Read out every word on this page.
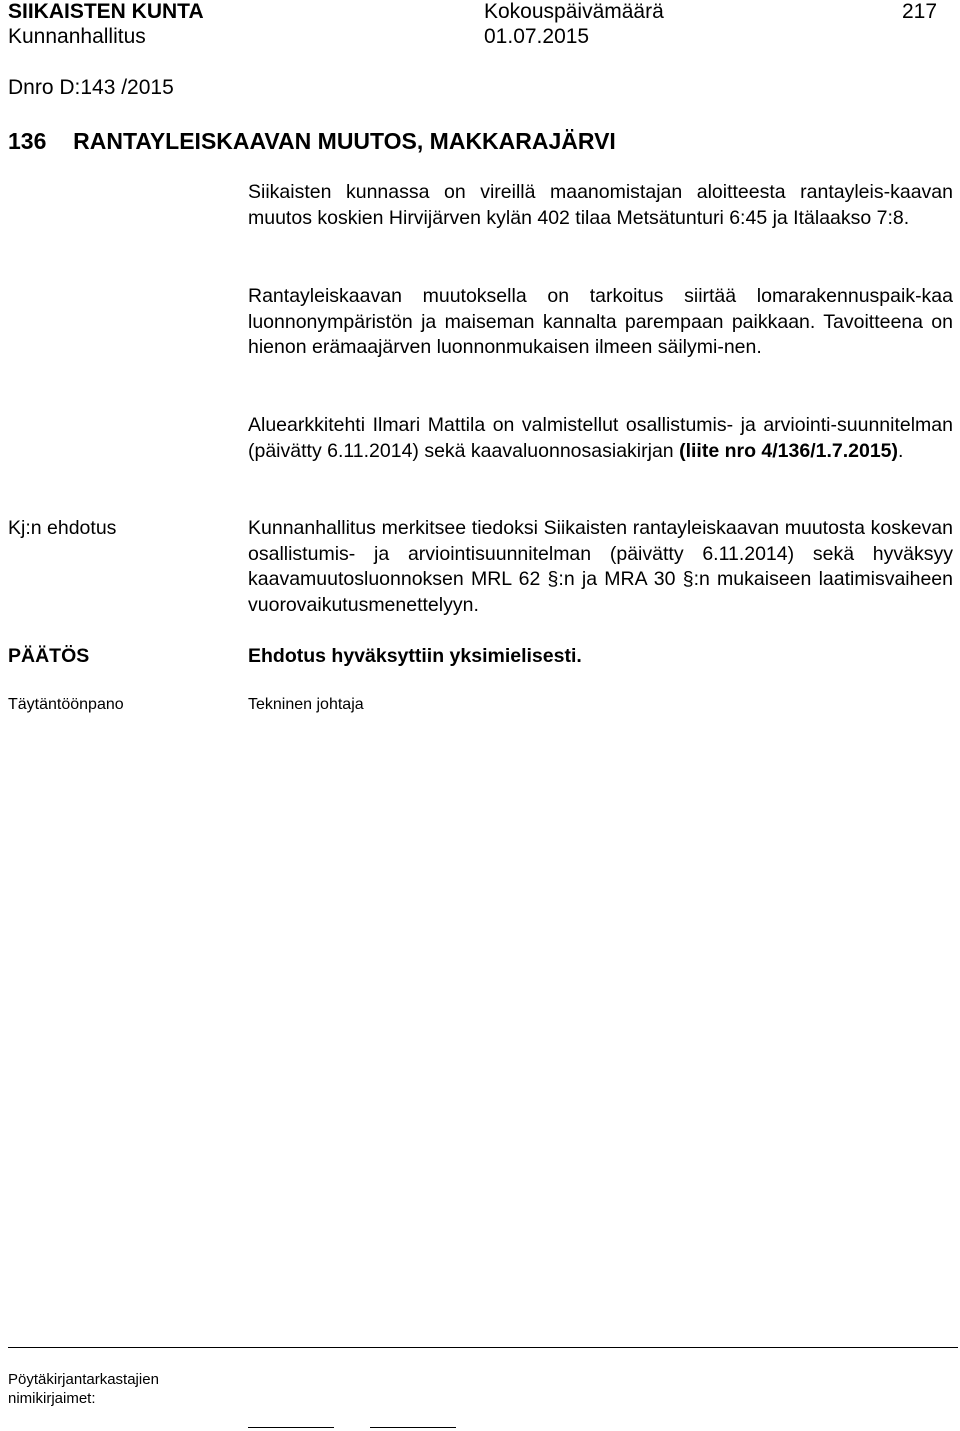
SIIKAISTEN KUNTA
Kunnanhallitus
Kokouspäivämäärä
01.07.2015
217
Dnro D:143 /2015
136 RANTAYLEISKAAVAN MUUTOS, MAKKARAJÄRVI

Siikaisten kunnassa on vireillä maanomistajan aloitteesta rantayleis-kaavan muutos koskien Hirvijärven kylän 402 tilaa Metsätunturi 6:45 ja Itälaakso 7:8.

Rantayleiskaavan muutoksella on tarkoitus siirtää lomarakennuspaik-kaa luonnonympäristön ja maiseman kannalta parempaan paikkaan. Tavoitteena on hienon erämaajärven luonnonmukaisen ilmeen säilymi-nen.

Aluearkkitehti Ilmari Mattila on valmistellut osallistumis- ja arviointi-suunnitelman (päivätty 6.11.2014) sekä kaavaluonnosasiakirjan (liite nro 4/136/1.7.2015).

Kj:n ehdotus	Kunnanhallitus merkitsee tiedoksi Siikaisten rantayleiskaavan muutosta koskevan osallistumis- ja arviointisuunnitelman (päivätty 6.11.2014) sekä hyväksyy kaavamuutosluonnoksen MRL 62 §:n ja MRA 30 §:n mukaiseen laatimisvaiheen vuorovaikutusmenettelyyn.

PÄÄTÖS	Ehdotus hyväksyttiin yksimielisesti.

Täytäntöönpano	Tekninen johtaja
Pöytäkirjantarkastajien
nimikirjaimet:
